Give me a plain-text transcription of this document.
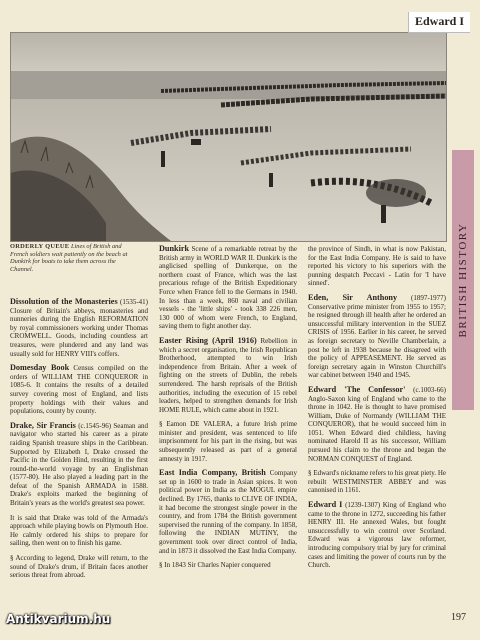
Edward I
BRITISH HISTORY
ORDERLY QUEUE Lines of British and French soldiers wait patiently on the beach at Dunkirk for boats to take them across the Channel.

Dissolution of the Monasteries (1535-41) Closure of Britain's abbeys, monasteries and nunneries during the English REFORMATION by royal commissioners working under Thomas CROMWELL. Goods, including countless art treasures, were plundered and any land was usually sold for HENRY VIII's coffers.

Domesday Book Census compiled on the orders of WILLIAM THE CONQUEROR in 1085-6. It contains the results of a detailed survey covering most of England, and lists property holdings with their values and populations, county by county.

Drake, Sir Francis (c.1545-96) Seaman and navigator who started his career as a pirate raiding Spanish treasure ships in the Caribbean. Supported by Elizabeth I, Drake crossed the Pacific in the Golden Hind, resulting in the first round-the-world voyage by an Englishman (1577-80). He also played a leading part in the defeat of the Spanish ARMADA in 1588. Drake's exploits marked the beginning of Britain's years as the world's greatest sea power.

It is said that Drake was told of the Armada's approach while playing bowls on Plymouth Hoe. He calmly ordered his ships to prepare for sailing, then went on to finish his game.

§ According to legend, Drake will return, to the sound of Drake's drum, if Britain faces another serious threat from abroad.

Dunkirk Scene of a remarkable retreat by the British army in WORLD WAR II. Dunkirk is the anglicised spelling of Dunkerque, on the northern coast of France, which was the last precarious refuge of the British Expeditionary Force when France fell to the Germans in 1940. In less than a week, 860 naval and civilian vessels - the 'little ships' - took 338 226 men, 130 000 of whom were French, to England, saving them to fight another day.

Easter Rising (April 1916) Rebellion in which a secret organisation, the Irish Republican Brotherhood, attempted to win Irish independence from Britain. After a week of fighting on the streets of Dublin, the rebels surrendered. The harsh reprisals of the British authorities, including the execution of 15 rebel leaders, helped to strengthen demands for Irish HOME RULE, which came about in 1921.

§ Eamon DE VALERA, a future Irish prime minister and president, was sentenced to life imprisonment for his part in the rising, but was subsequently released as part of a general amnesty in 1917.

East India Company, British Company set up in 1600 to trade in Asian spices. It won political power in India as the MOGUL empire declined. By 1765, thanks to CLIVE OF INDIA, it had become the strongest single power in the country, and from 1784 the British government supervised the running of the company. In 1858, following the INDIAN MUTINY, the government took over direct control of India, and in 1873 it dissolved the East India Company.

§ In 1843 Sir Charles Napier conquered

the province of Sindh, in what is now Pakistan, for the East India Company. He is said to have reported his victory to his superiors with the punning despatch Peccavi - Latin for 'I have sinned'.

Eden, Sir Anthony (1897-1977) Conservative prime minister from 1955 to 1957; he resigned through ill health after he ordered an unsuccessful military intervention in the SUEZ CRISIS of 1956. Earlier in his career, he served as foreign secretary to Neville Chamberlain, a post he left in 1938 because he disagreed with the policy of APPEASEMENT. He served as foreign secretary again in Winston Churchill's war cabinet between 1940 and 1945.

Edward 'The Confessor' (c.1003-66) Anglo-Saxon king of England who came to the throne in 1042. He is thought to have promised William, Duke of Normandy (WILLIAM THE CONQUEROR), that he would succeed him in 1051. When Edward died childless, having nominated Harold II as his successor, William pursued his claim to the throne and began the NORMAN CONQUEST of England.

§ Edward's nickname refers to his great piety. He rebuilt WESTMINSTER ABBEY and was canonised in 1161.

Edward I (1239-1307) King of England who came to the throne in 1272, succeeding his father HENRY III. He annexed Wales, but fought unsuccessfully to win control over Scotland. Edward was a vigorous law reformer, introducing compulsory trial by jury for criminal cases and limiting the power of courts run by the Church.

197
Antikvarium.hu
